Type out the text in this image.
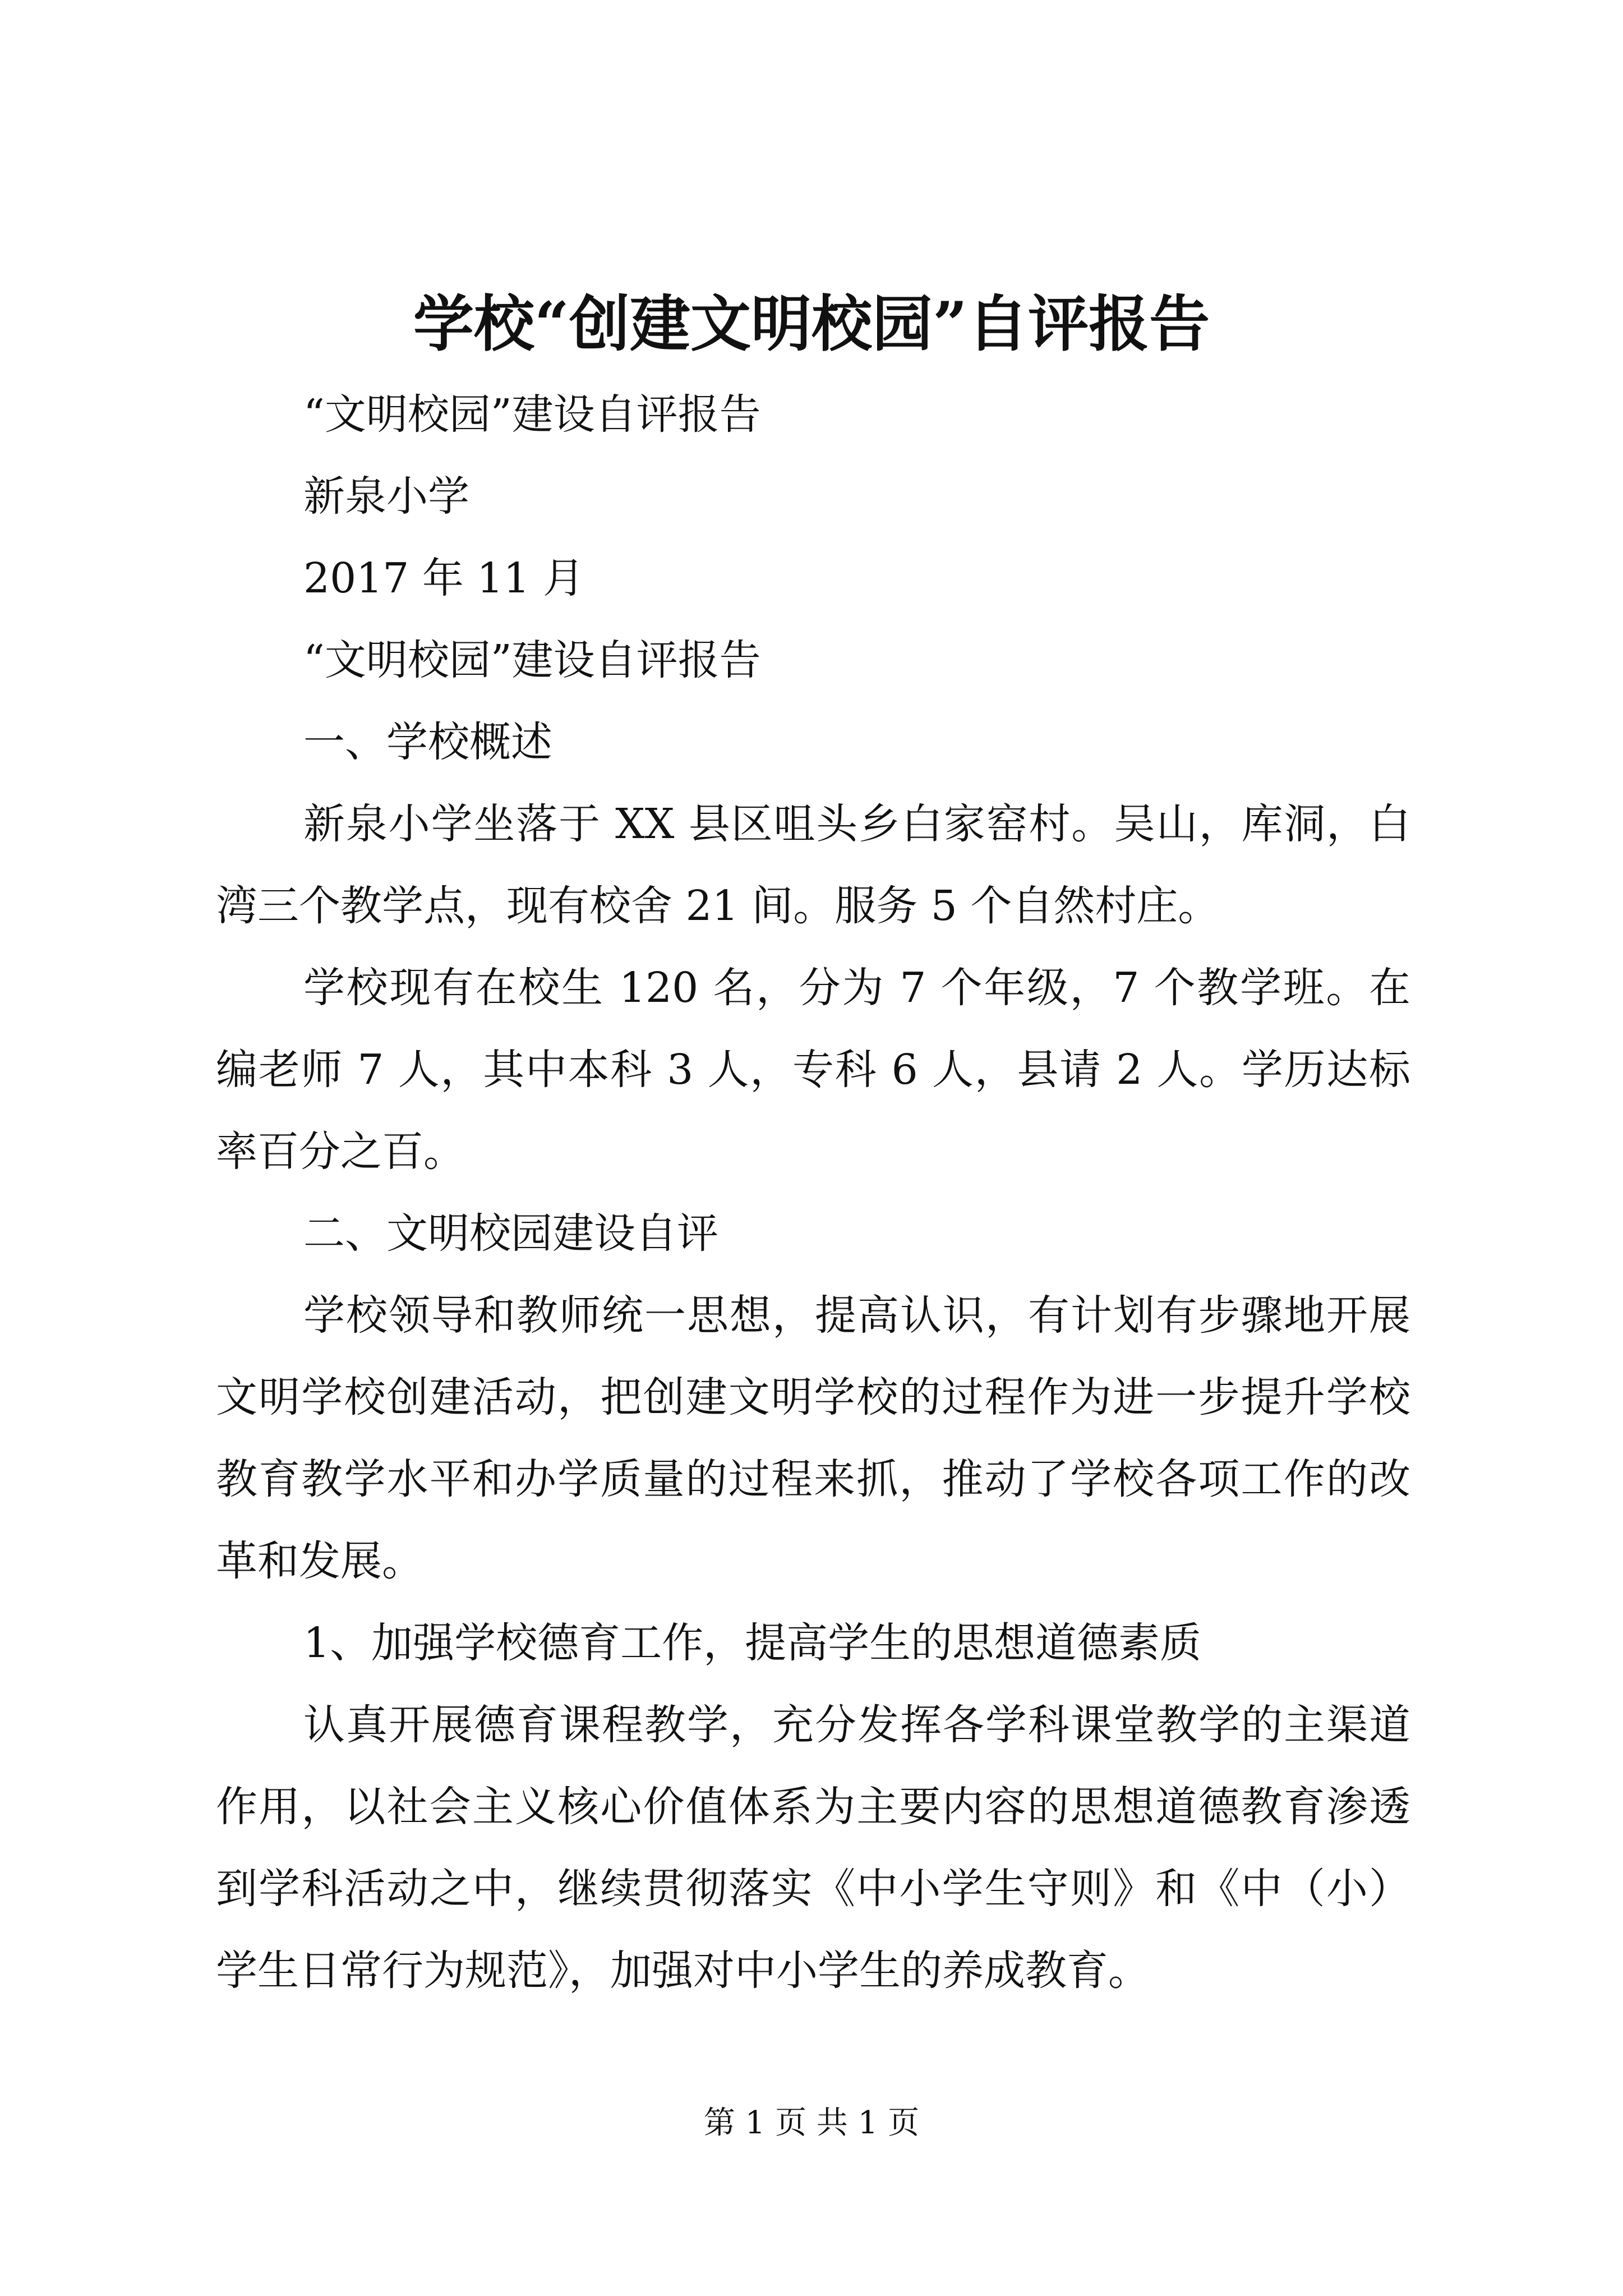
学校“创建文明校园”自评报告

“文明校园”建设自评报告

新泉小学

2017 年 11 月

“文明校园”建设自评报告

一、学校概述

新泉小学坐落于 XX 县区咀头乡白家窑村。吴山，库洞，白湾三个教学点，现有校舍 21 间。服务 5 个自然村庄。

学校现有在校生 120 名，分为 7 个年级，7 个教学班。在编老师 7 人，其中本科 3 人，专科 6 人，县请 2 人。学历达标率百分之百。

二、文明校园建设自评

学校领导和教师统一思想，提高认识，有计划有步骤地开展文明学校创建活动，把创建文明学校的过程作为进一步提升学校教育教学水平和办学质量的过程来抓，推动了学校各项工作的改革和发展。

1、加强学校德育工作，提高学生的思想道德素质

认真开展德育课程教学，充分发挥各学科课堂教学的主渠道作用，以社会主义核心价值体系为主要内容的思想道德教育渗透到学科活动之中，继续贯彻落实《中小学生守则》和《中（小）学生日常行为规范》，加强对中小学生的养成教育。

第 1 页 共 1 页
